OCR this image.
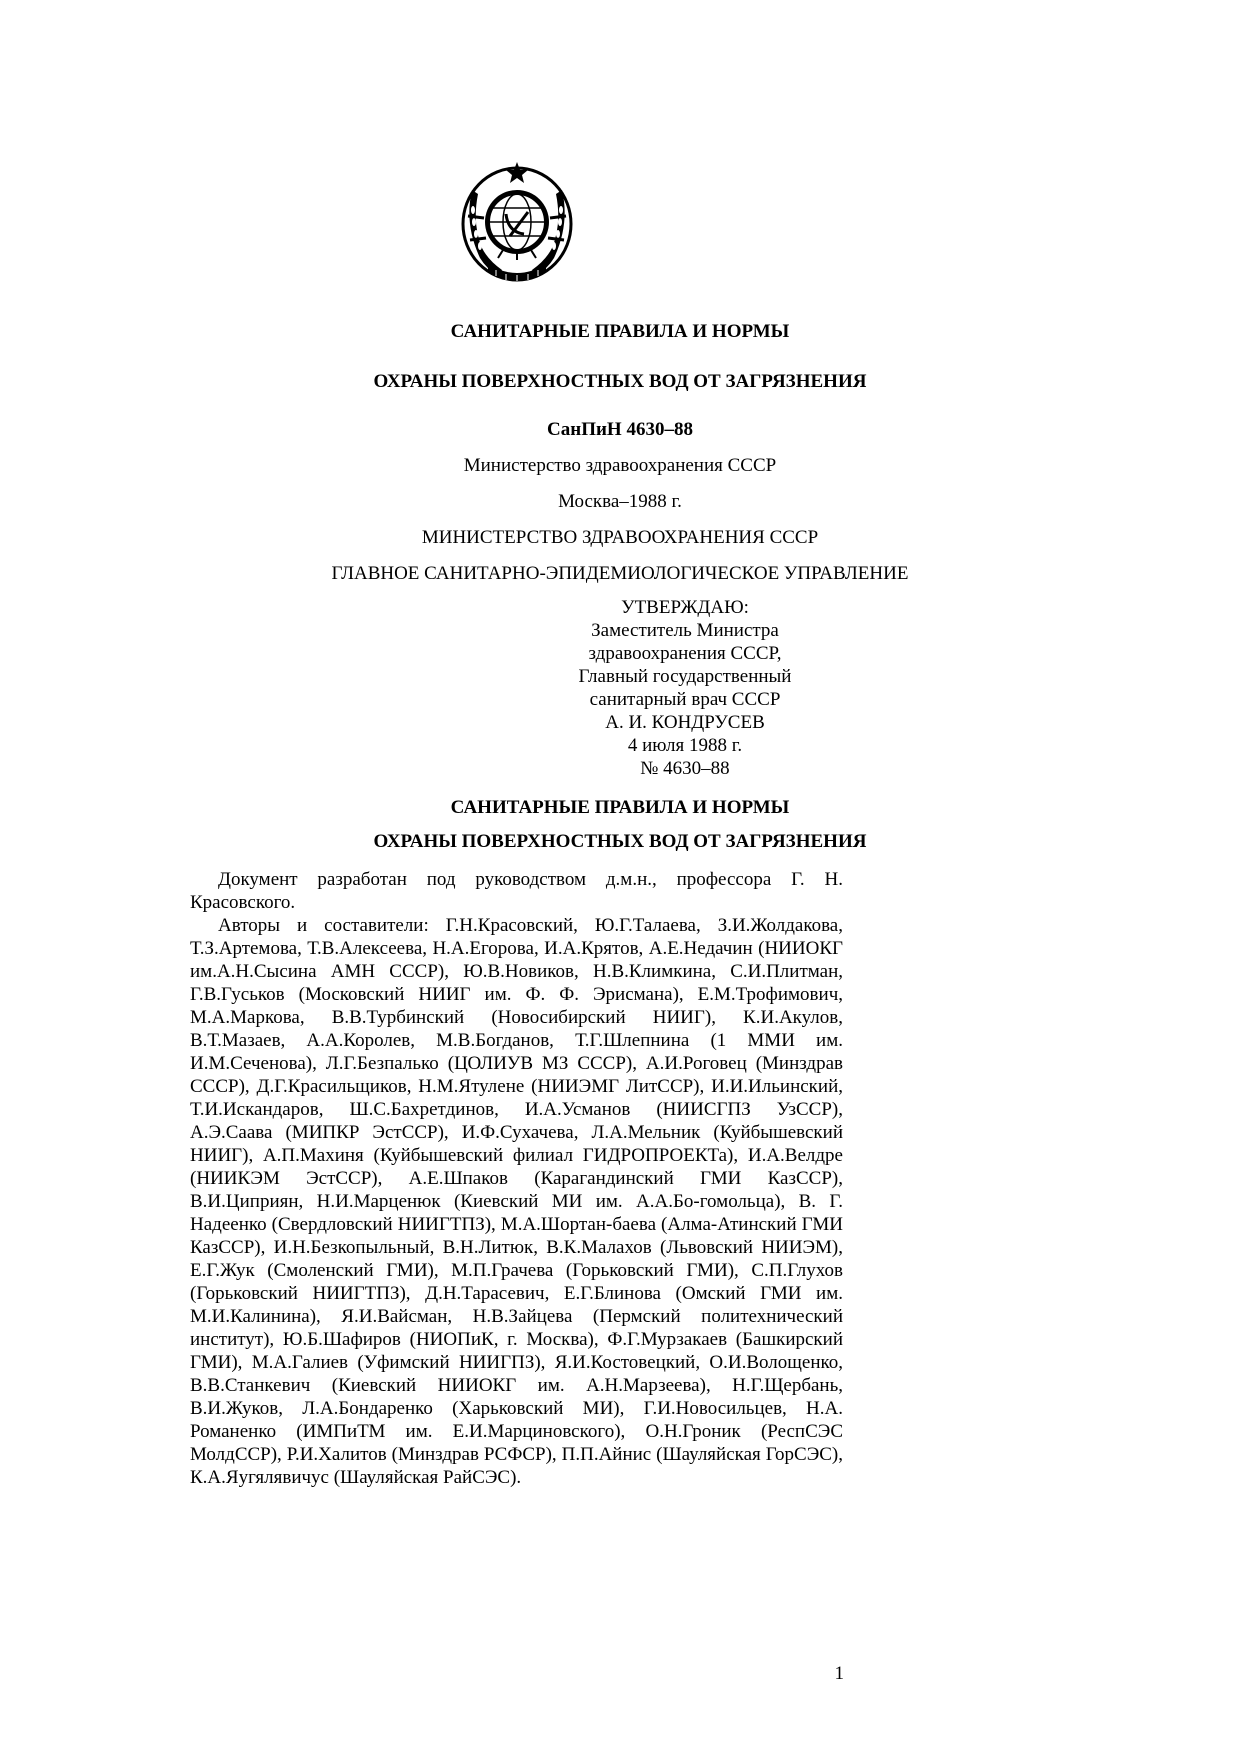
САНИТАРНЫЕ ПРАВИЛА И НОРМЫ
ОХРАНЫ ПОВЕРХНОСТНЫХ ВОД ОТ ЗАГРЯЗНЕНИЯ
СанПиН 4630–88
Министерство здравоохранения СССР
Москва–1988 г.
МИНИСТЕРСТВО ЗДРАВООХРАНЕНИЯ СССР
ГЛАВНОЕ САНИТАРНО-ЭПИДЕМИОЛОГИЧЕСКОЕ УПРАВЛЕНИЕ
УТВЕРЖДАЮ:
Заместитель Министра
здравоохранения СССР,
Главный государственный
санитарный врач СССР
А. И. КОНДРУСЕВ
4 июля 1988 г.
№ 4630–88
САНИТАРНЫЕ ПРАВИЛА И НОРМЫ
ОХРАНЫ ПОВЕРХНОСТНЫХ ВОД ОТ ЗАГРЯЗНЕНИЯ

Документ разработан под руководством д.м.н., профессора Г. Н. Красовского.

Авторы и составители: Г.Н.Красовский, Ю.Г.Талаева, З.И.Жолдакова, Т.З.Артемова, Т.В.Алексеева, Н.А.Егорова, И.А.Крятов, А.Е.Недачин (НИИОКГ им.А.Н.Сысина АМН СССР), Ю.В.Новиков, Н.В.Климкина, С.И.Плитман, Г.В.Гуськов (Московский НИИГ им. Ф. Ф. Эрисмана), Е.М.Трофимович, М.А.Маркова, В.В.Турбинский (Новосибирский НИИГ), К.И.Акулов, В.Т.Мазаев, А.А.Королев, М.В.Богданов, Т.Г.Шлепнина (1 ММИ им. И.М.Сеченова), Л.Г.Безпалько (ЦОЛИУВ МЗ СССР), А.И.Роговец (Минздрав СССР), Д.Г.Красильщиков, Н.М.Ятулене (НИИЭМГ ЛитССР), И.И.Ильинский, Т.И.Искандаров, Ш.С.Бахретдинов, И.А.Усманов (НИИСГПЗ УзССР), А.Э.Саава (МИПКР ЭстССР), И.Ф.Сухачева, Л.А.Мельник (Куйбышевский НИИГ), А.П.Махиня (Куйбышевский филиал ГИДРОПРОЕКТа), И.А.Велдре (НИИКЭМ ЭстССР), А.Е.Шпаков (Карагандинский ГМИ КазССР), В.И.Циприян, Н.И.Марценюк (Киевский МИ им. А.А.Бо-гомольца), В. Г. Надеенко (Свердловский НИИГТПЗ), М.А.Шортан-баева (Алма-Атинский ГМИ КазССР), И.Н.Безкопыльный, В.Н.Литюк, В.К.Малахов (Львовский НИИЭМ), Е.Г.Жук (Смоленский ГМИ), М.П.Грачева (Горьковский ГМИ), С.П.Глухов (Горьковский НИИГТПЗ), Д.Н.Тарасевич, Е.Г.Блинова (Омский ГМИ им. М.И.Калинина), Я.И.Вайсман, Н.В.Зайцева (Пермский политехнический институт), Ю.Б.Шафиров (НИОПиК, г. Москва), Ф.Г.Мурзакаев (Башкирский ГМИ), М.А.Галиев (Уфимский НИИГПЗ), Я.И.Костовецкий, О.И.Волощенко, В.В.Станкевич (Киевский НИИОКГ им. А.Н.Марзеева), Н.Г.Щербань, В.И.Жуков, Л.А.Бондаренко (Харьковский МИ), Г.И.Новосильцев, Н.А. Романенко (ИМПиТМ им. Е.И.Марциновского), О.Н.Гроник (РеспСЭС МолдССР), Р.И.Халитов (Минздрав РСФСР), П.П.Айнис (Шауляйская ГорСЭС), К.А.Яугялявичус (Шауляйская РайСЭС).

1
